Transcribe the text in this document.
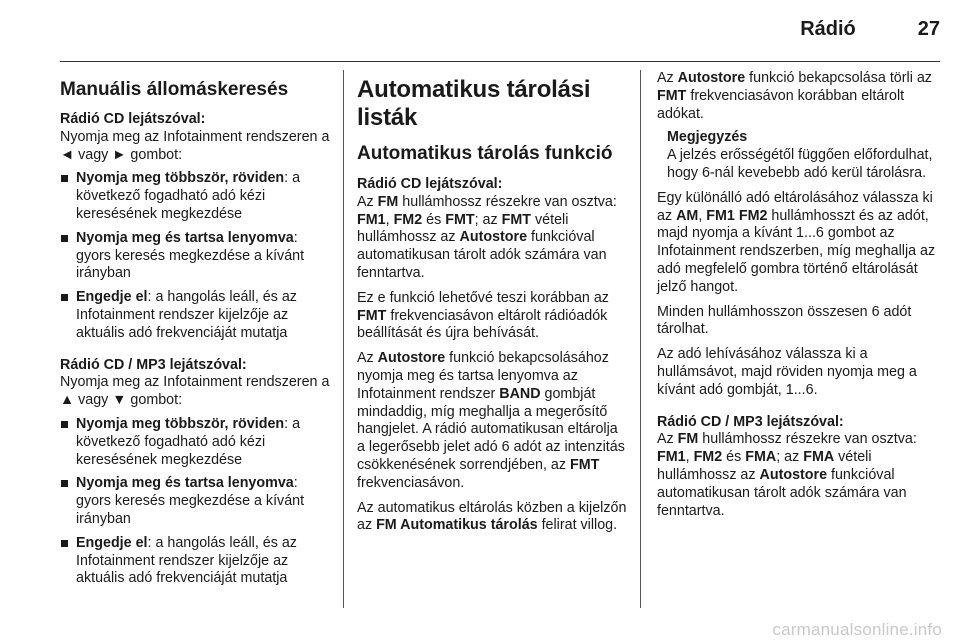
Rádió	27

Manuális állomáskeresés

Rádió CD lejátszóval:

Nyomja meg az Infotainment rendszeren a ◄ vagy ► gombot:

Nyomja meg többször, röviden: a következő fogadható adó kézi keresésének megkezdése
Nyomja meg és tartsa lenyomva: gyors keresés megkezdése a kívánt irányban
Engedje el: a hangolás leáll, és az Infotainment rendszer kijelzője az aktuális adó frekvenciáját mutatja

Rádió CD / MP3 lejátszóval:

Nyomja meg az Infotainment rendszeren a ▲ vagy ▼ gombot:

Nyomja meg többször, röviden: a következő fogadható adó kézi keresésének megkezdése
Nyomja meg és tartsa lenyomva: gyors keresés megkezdése a kívánt irányban
Engedje el: a hangolás leáll, és az Infotainment rendszer kijelzője az aktuális adó frekvenciáját mutatja

Automatikus tárolási listák

Automatikus tárolás funkció

Rádió CD lejátszóval:

Az FM hullámhossz részekre van osztva: FM1, FM2 és FMT; az FMT vételi hullámhossz az Autostore funkcióval automatikusan tárolt adók számára van fenntartva.

Ez e funkció lehetővé teszi korábban az FMT frekvenciasávon eltárolt rádióadók beállítását és újra behívását.

Az Autostore funkció bekapcsolásához nyomja meg és tartsa lenyomva az Infotainment rendszer BAND gombját mindaddig, míg meghallja a megerősítő hangjelet. A rádió automatikusan eltárolja a legerősebb jelet adó 6 adót az intenzitás csökkenésének sorrendjében, az FMT frekvenciasávon.

Az automatikus eltárolás közben a kijelzőn az FM Automatikus tárolás felirat villog.

Az Autostore funkció bekapcsolása törli az FMT frekvenciasávon korábban eltárolt adókat.

Megjegyzés

A jelzés erősségétől függően előfordulhat, hogy 6-nál kevebebb adó kerül tárolásra.

Egy különálló adó eltárolásához válassza ki az AM, FM1 FM2 hullámhosszt és az adót, majd nyomja a kívánt 1...6 gombot az Infotainment rendszerben, míg meghallja az adó megfelelő gombra történő eltárolását jelző hangot.

Minden hullámhosszon összesen 6 adót tárolhat.

Az adó lehívásához válassza ki a hullámsávot, majd röviden nyomja meg a kívánt adó gombját, 1...6.

Rádió CD / MP3 lejátszóval:

Az FM hullámhossz részekre van osztva: FM1, FM2 és FMA; az FMA vételi hullámhossz az Autostore funkcióval automatikusan tárolt adók számára van fenntartva.

carmanualsonline.info
